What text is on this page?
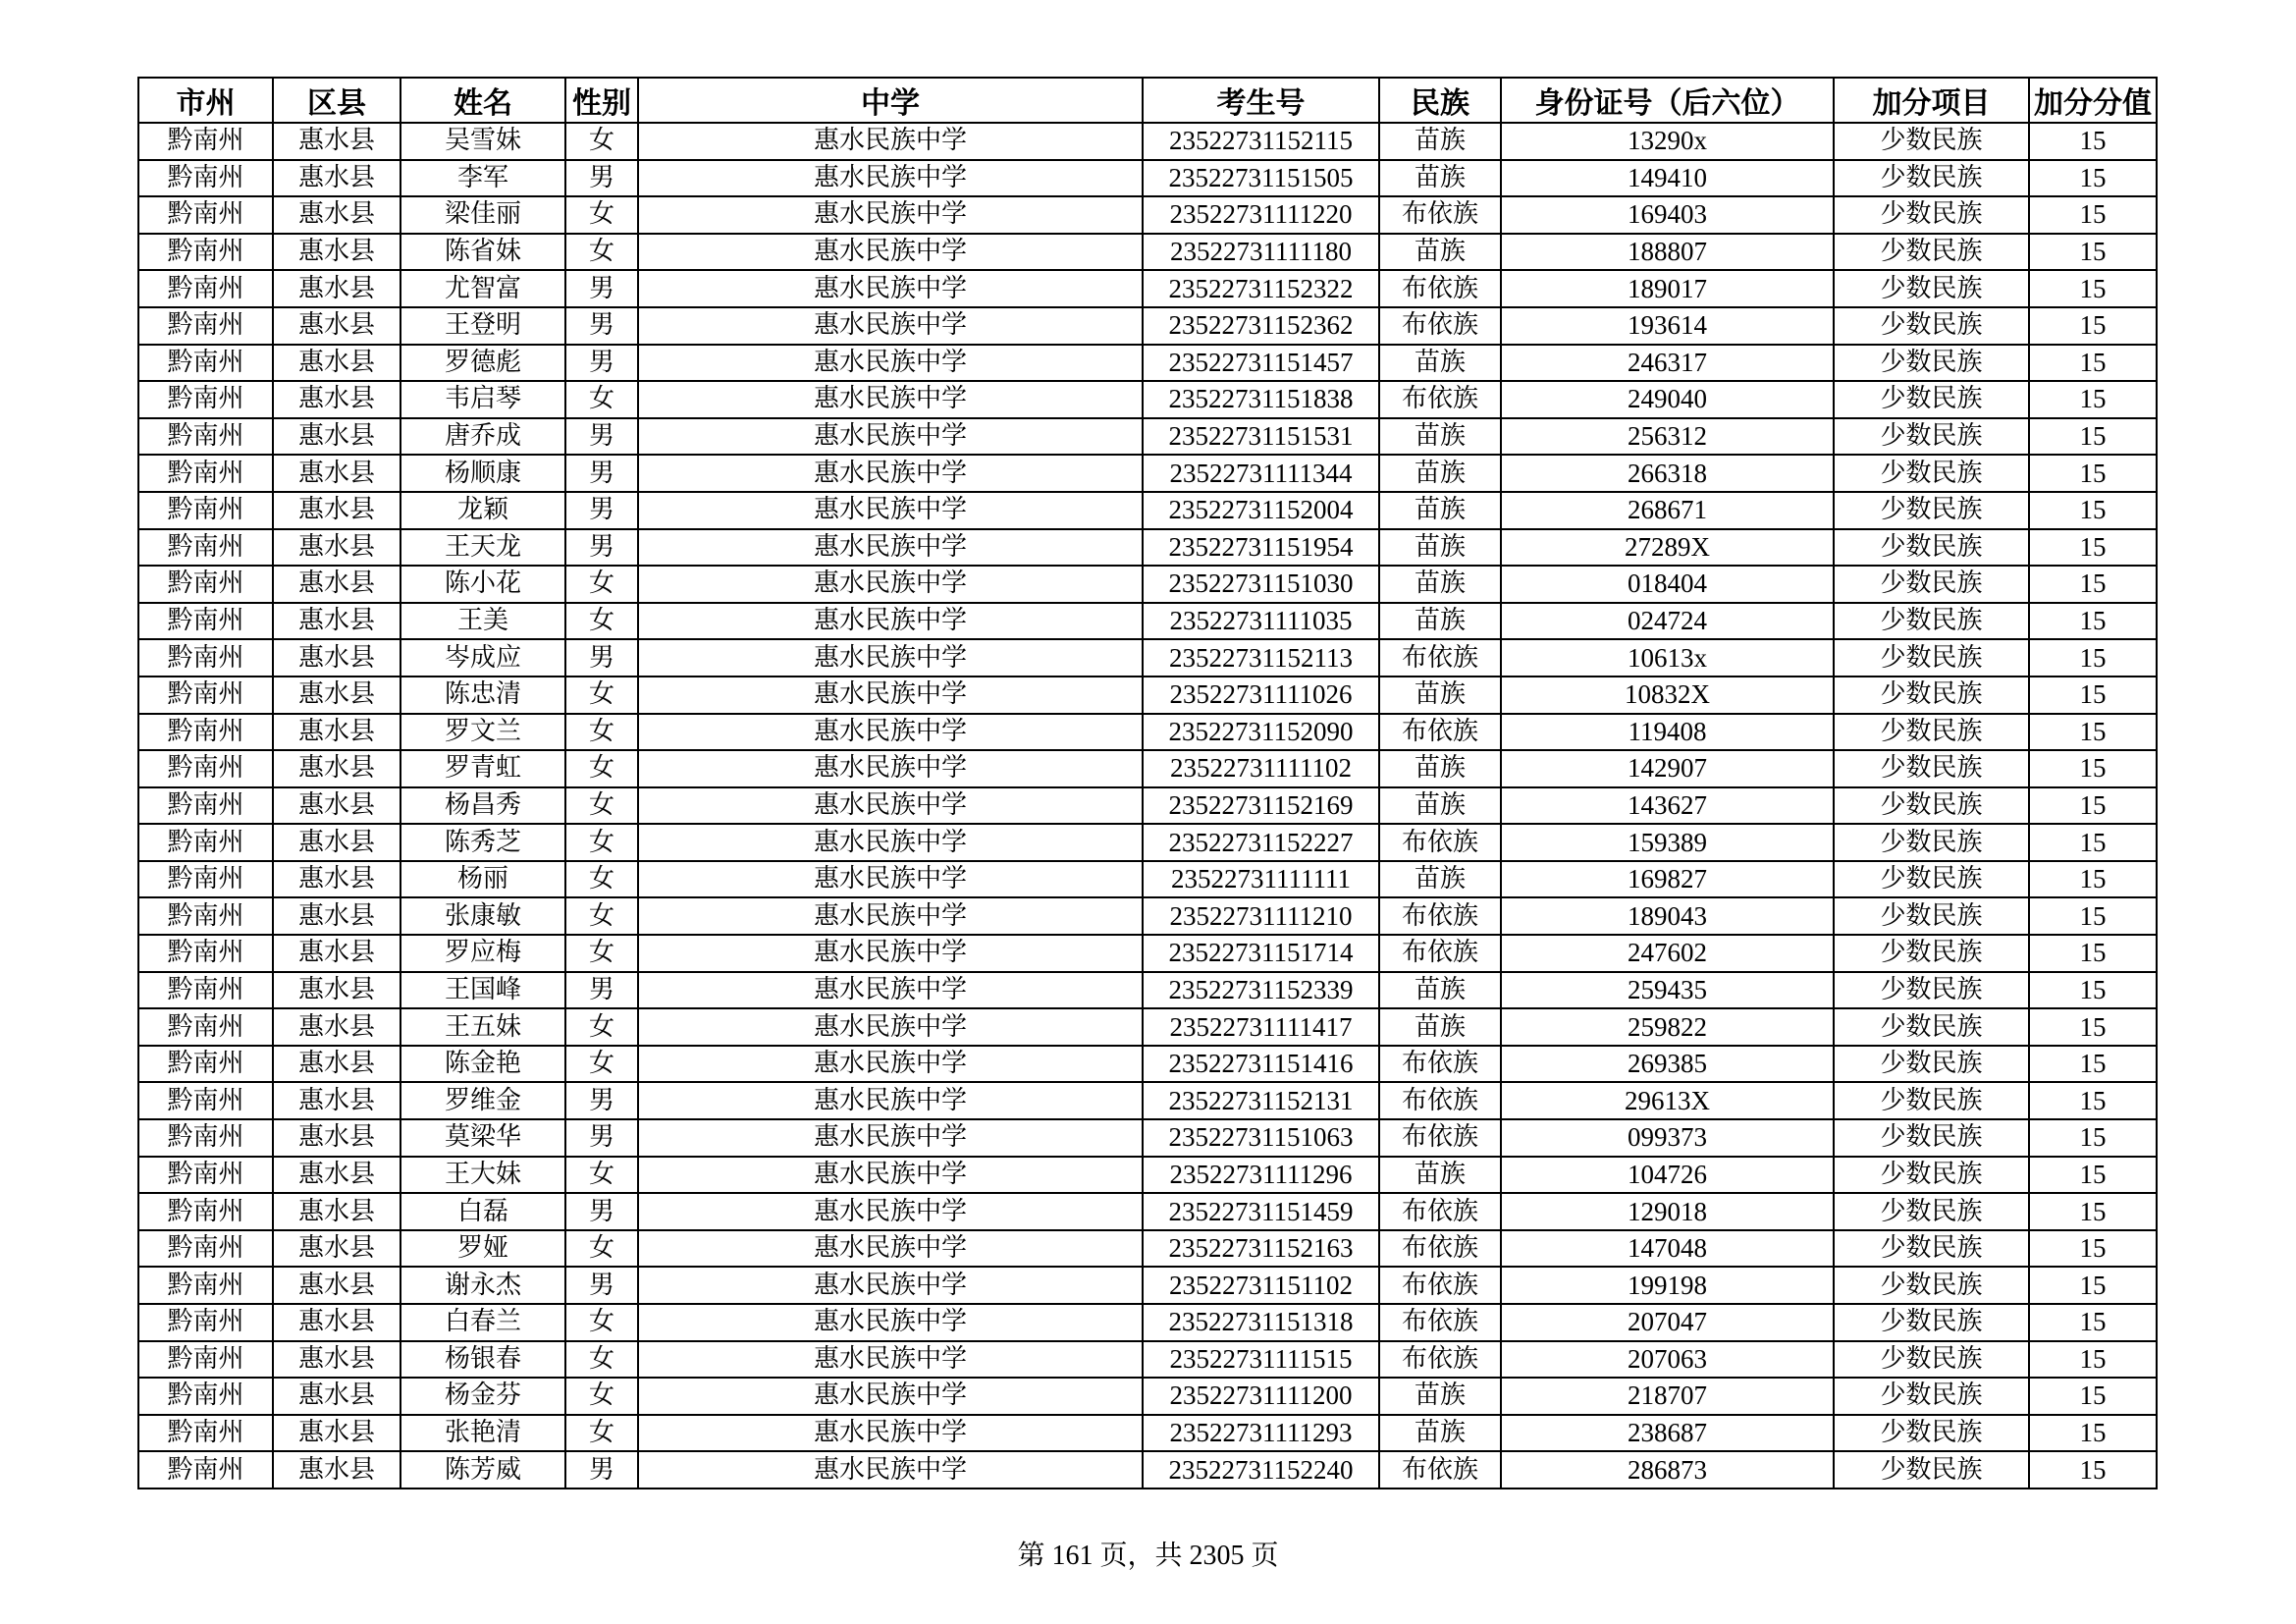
市州	区县	姓名	性别	中学	考生号	民族	身份证号（后六位）	加分项目	加分分值
黔南州	惠水县	吴雪妹	女	惠水民族中学	23522731152115	苗族	13290x	少数民族	15
黔南州	惠水县	李军	男	惠水民族中学	23522731151505	苗族	149410	少数民族	15
黔南州	惠水县	梁佳丽	女	惠水民族中学	23522731111220	布依族	169403	少数民族	15
黔南州	惠水县	陈省妹	女	惠水民族中学	23522731111180	苗族	188807	少数民族	15
黔南州	惠水县	尤智富	男	惠水民族中学	23522731152322	布依族	189017	少数民族	15
黔南州	惠水县	王登明	男	惠水民族中学	23522731152362	布依族	193614	少数民族	15
黔南州	惠水县	罗德彪	男	惠水民族中学	23522731151457	苗族	246317	少数民族	15
黔南州	惠水县	韦启琴	女	惠水民族中学	23522731151838	布依族	249040	少数民族	15
黔南州	惠水县	唐乔成	男	惠水民族中学	23522731151531	苗族	256312	少数民族	15
黔南州	惠水县	杨顺康	男	惠水民族中学	23522731111344	苗族	266318	少数民族	15
黔南州	惠水县	龙颖	男	惠水民族中学	23522731152004	苗族	268671	少数民族	15
黔南州	惠水县	王天龙	男	惠水民族中学	23522731151954	苗族	27289X	少数民族	15
黔南州	惠水县	陈小花	女	惠水民族中学	23522731151030	苗族	018404	少数民族	15
黔南州	惠水县	王美	女	惠水民族中学	23522731111035	苗族	024724	少数民族	15
黔南州	惠水县	岑成应	男	惠水民族中学	23522731152113	布依族	10613x	少数民族	15
黔南州	惠水县	陈忠清	女	惠水民族中学	23522731111026	苗族	10832X	少数民族	15
黔南州	惠水县	罗文兰	女	惠水民族中学	23522731152090	布依族	119408	少数民族	15
黔南州	惠水县	罗青虹	女	惠水民族中学	23522731111102	苗族	142907	少数民族	15
黔南州	惠水县	杨昌秀	女	惠水民族中学	23522731152169	苗族	143627	少数民族	15
黔南州	惠水县	陈秀芝	女	惠水民族中学	23522731152227	布依族	159389	少数民族	15
黔南州	惠水县	杨丽	女	惠水民族中学	23522731111111	苗族	169827	少数民族	15
黔南州	惠水县	张康敏	女	惠水民族中学	23522731111210	布依族	189043	少数民族	15
黔南州	惠水县	罗应梅	女	惠水民族中学	23522731151714	布依族	247602	少数民族	15
黔南州	惠水县	王国峰	男	惠水民族中学	23522731152339	苗族	259435	少数民族	15
黔南州	惠水县	王五妹	女	惠水民族中学	23522731111417	苗族	259822	少数民族	15
黔南州	惠水县	陈金艳	女	惠水民族中学	23522731151416	布依族	269385	少数民族	15
黔南州	惠水县	罗维金	男	惠水民族中学	23522731152131	布依族	29613X	少数民族	15
黔南州	惠水县	莫梁华	男	惠水民族中学	23522731151063	布依族	099373	少数民族	15
黔南州	惠水县	王大妹	女	惠水民族中学	23522731111296	苗族	104726	少数民族	15
黔南州	惠水县	白磊	男	惠水民族中学	23522731151459	布依族	129018	少数民族	15
黔南州	惠水县	罗娅	女	惠水民族中学	23522731152163	布依族	147048	少数民族	15
黔南州	惠水县	谢永杰	男	惠水民族中学	23522731151102	布依族	199198	少数民族	15
黔南州	惠水县	白春兰	女	惠水民族中学	23522731151318	布依族	207047	少数民族	15
黔南州	惠水县	杨银春	女	惠水民族中学	23522731111515	布依族	207063	少数民族	15
黔南州	惠水县	杨金芬	女	惠水民族中学	23522731111200	苗族	218707	少数民族	15
黔南州	惠水县	张艳清	女	惠水民族中学	23522731111293	苗族	238687	少数民族	15
黔南州	惠水县	陈芳威	男	惠水民族中学	23522731152240	布依族	286873	少数民族	15
第 161 页，共 2305 页
